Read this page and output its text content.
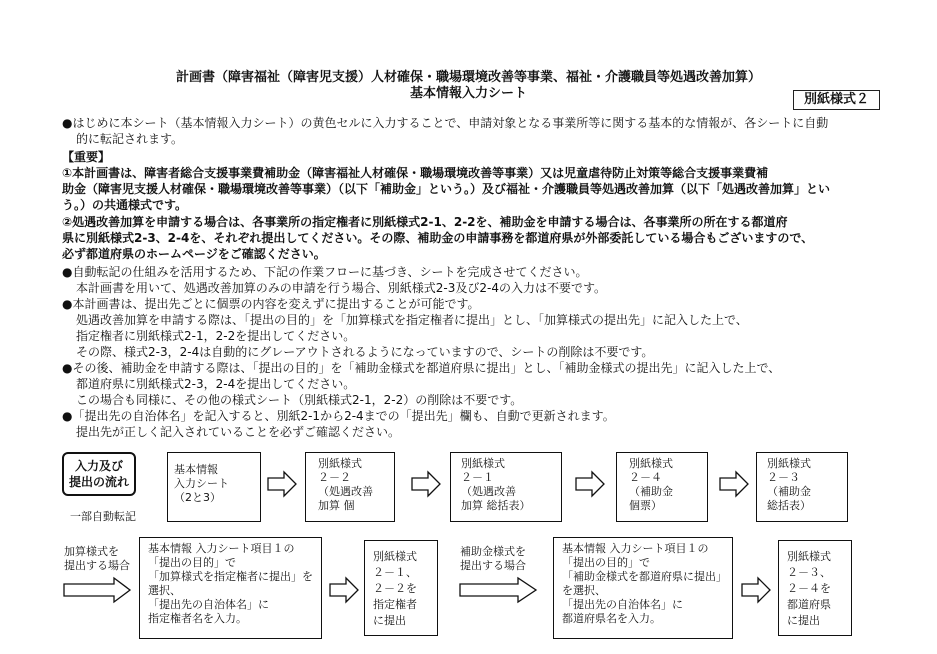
計画書（障害福祉（障害児支援）人材確保・職場環境改善等事業、福祉・介護職員等処遇改善加算）
基本情報入力シート	別紙様式２
●はじめに本シート（基本情報入力シート）の黄色セルに入力することで、申請対象となる事業所等に関する基本的な情報が、各シートに自動
的に転記されます。
【重要】
①本計画書は、障害者総合支援事業費補助金（障害福祉人材確保・職場環境改善等事業）又は児童虐待防止対策等総合支援事業費補
助金（障害児支援人材確保・職場環境改善等事業）（以下「補助金」という。）及び福祉・介護職員等処遇改善加算（以下「処遇改善加算」とい
う。）の共通様式です。
②処遇改善加算を申請する場合は、各事業所の指定権者に別紙様式2-1、2-2を、補助金を申請する場合は、各事業所の所在する都道府
県に別紙様式2-3、2-4を、それぞれ提出してください。その際、補助金の申請事務を都道府県が外部委託している場合もございますので、
必ず都道府県のホームページをご確認ください。
●自動転記の仕組みを活用するため、下記の作業フローに基づき、シートを完成させてください。
本計画書を用いて、処遇改善加算のみの申請を行う場合、別紙様式2-3及び2-4の入力は不要です。
●本計画書は、提出先ごとに個票の内容を変えずに提出することが可能です。
処遇改善加算を申請する際は、「提出の目的」を「加算様式を指定権者に提出」とし、「加算様式の提出先」に記入した上で、
指定権者に別紙様式2-1，2-2を提出してください。
その際、様式2-3，2-4は自動的にグレーアウトされるようになっていますので、シートの削除は不要です。
●その後、補助金を申請する際は、「提出の目的」を「補助金様式を都道府県に提出」とし、「補助金様式の提出先」に記入した上で、
都道府県に別紙様式2-3，2-4を提出してください。
この場合も同様に、その他の様式シート（別紙様式2-1，2-2）の削除は不要です。
●「提出先の自治体名」を記入すると、別紙2-1から2-4までの「提出先」欄も、自動で更新されます。
提出先が正しく記入されていることを必ずご確認ください。
入力及び
提出の流れ
一部自動転記
基本情報
入力シート
（2と3）
別紙様式
２－２
（処遇改善
加算 個
別紙様式
２－１
（処遇改善
加算 総括表）
別紙様式
２－４
（補助金
個票）
別紙様式
２－３
（補助金
総括表）
加算様式を
提出する場合
基本情報 入力シート項目１の
「提出の目的」で
「加算様式を指定権者に提出」を
選択、
「提出先の自治体名」に
指定権者名を入力。
別紙様式
２－１、
２－２を
指定権者
に提出
補助金様式を
提出する場合
基本情報 入力シート項目１の
「提出の目的」で
「補助金様式を都道府県に提出」
を選択、
「提出先の自治体名」に
都道府県名を入力。
別紙様式
２－３、
２－４を
都道府県
に提出
